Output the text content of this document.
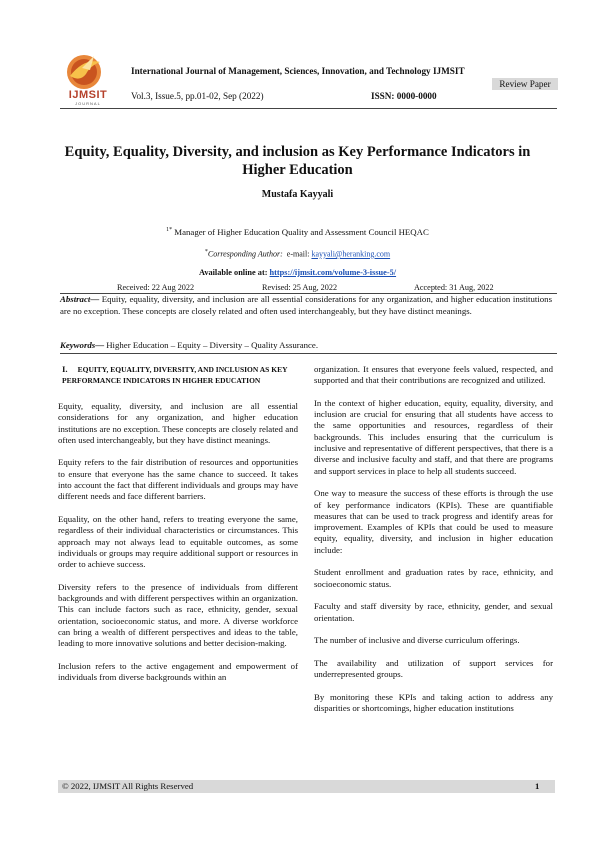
IJMSIT
JOURNAL
International Journal of Management, Sciences, Innovation, and Technology IJMSIT
Review Paper
Vol.3, Issue.5, pp.01-02, Sep (2022)	ISSN: 0000-0000
Equity, Equality, Diversity, and inclusion as Key Performance Indicators in Higher Education
Mustafa Kayyali
$^{1*}$ Manager of Higher Education Quality and Assessment Council HEQAC
*Corresponding Author:  e-mail: kayyali@heranking.com
Available online at: https://ijmsit.com/volume-3-issue-5/
Received: 22 Aug 2022	Revised: 25 Aug, 2022	Accepted: 31 Aug, 2022
Abstract— Equity, equality, diversity, and inclusion are all essential considerations for any organization, and higher education institutions are no exception. These concepts are closely related and often used interchangeably, but they have distinct meanings.
Keywords— Higher Education – Equity – Diversity – Quality Assurance.

I. EQUITY, EQUALITY, DIVERSITY, AND INCLUSION AS KEY PERFORMANCE INDICATORS IN HIGHER EDUCATION

Equity, equality, diversity, and inclusion are all essential considerations for any organization, and higher education institutions are no exception. These concepts are closely related and often used interchangeably, but they have distinct meanings.

Equity refers to the fair distribution of resources and opportunities to ensure that everyone has the same chance to succeed. It takes into account the fact that different individuals and groups may have different needs and face different barriers.

Equality, on the other hand, refers to treating everyone the same, regardless of their individual characteristics or circumstances. This approach may not always lead to equitable outcomes, as some individuals or groups may require additional support or resources in order to achieve success.

Diversity refers to the presence of individuals from different backgrounds and with different perspectives within an organization. This can include factors such as race, ethnicity, gender, sexual orientation, socioeconomic status, and more. A diverse workforce can bring a wealth of different perspectives and ideas to the table, leading to more innovative solutions and better decision-making.

Inclusion refers to the active engagement and empowerment of individuals from diverse backgrounds within an

organization. It ensures that everyone feels valued, respected, and supported and that their contributions are recognized and utilized.

In the context of higher education, equity, equality, diversity, and inclusion are crucial for ensuring that all students have access to the same opportunities and resources, regardless of their backgrounds. This includes ensuring that the curriculum is inclusive and representative of different perspectives, that there is a diverse and inclusive faculty and staff, and that there are programs and support services in place to help all students succeed.

One way to measure the success of these efforts is through the use of key performance indicators (KPIs). These are quantifiable measures that can be used to track progress and identify areas for improvement. Examples of KPIs that could be used to measure equity, equality, diversity, and inclusion in higher education include:

Student enrollment and graduation rates by race, ethnicity, and socioeconomic status.

Faculty and staff diversity by race, ethnicity, gender, and sexual orientation.

The number of inclusive and diverse curriculum offerings.

The availability and utilization of support services for underrepresented groups.

By monitoring these KPIs and taking action to address any disparities or shortcomings, higher education institutions

© 2022, IJMSIT All Rights Reserved	1
